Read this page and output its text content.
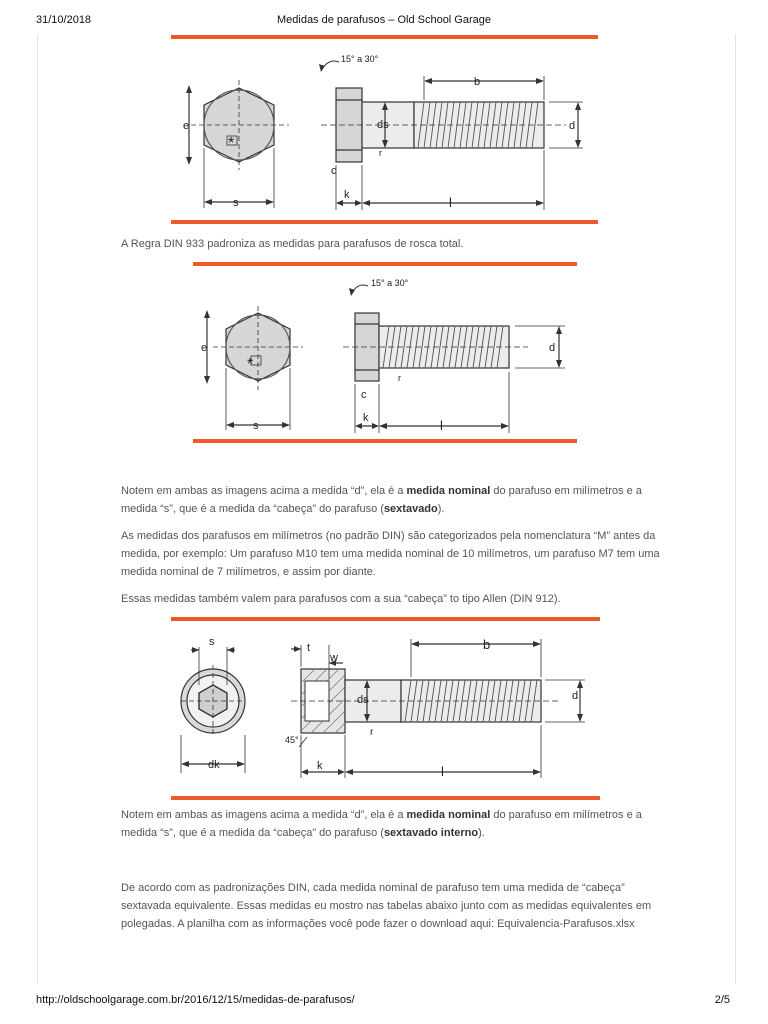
31/10/2018	Medidas de parafusos – Old School Garage
*
e
s
15° a 30°
b
d
ds
r
c
k	l

A Regra DIN 933 padroniza as medidas para parafusos de rosca total.

*
e
s
15° a 30°
d
r
c
k	l

Notem em ambas as imagens acima a medida “d”, ela é a medida nominal do parafuso em milímetros e a medida “s”, que é a medida da “cabeça” do parafuso (sextavado).

As medidas dos parafusos em milímetros (no padrão DIN) são categorizados pela nomenclatura “M” antes da medida, por exemplo: Um parafuso M10 tem uma medida nominal de 10 milímetros, um parafuso M7 tem uma medida nominal de 7 milímetros, e assim por diante.

Essas medidas também valem para parafusos com a sua “cabeça” to tipo Allen (DIN 912).

s
dk
t
w
b
ds	d
r
45°
k	l

Notem em ambas as imagens acima a medida “d”, ela é a medida nominal do parafuso em milímetros e a medida “s”, que é a medida da “cabeça” do parafuso (sextavado interno).

De acordo com as padronizações DIN, cada medida nominal de parafuso tem uma medida de “cabeça” sextavada equivalente. Essas medidas eu mostro nas tabelas abaixo junto com as medidas equivalentes em polegadas. A planilha com as informações você pode fazer o download aqui: Equivalencia-Parafusos.xlsx

http://oldschoolgarage.com.br/2016/12/15/medidas-de-parafusos/	2/5
